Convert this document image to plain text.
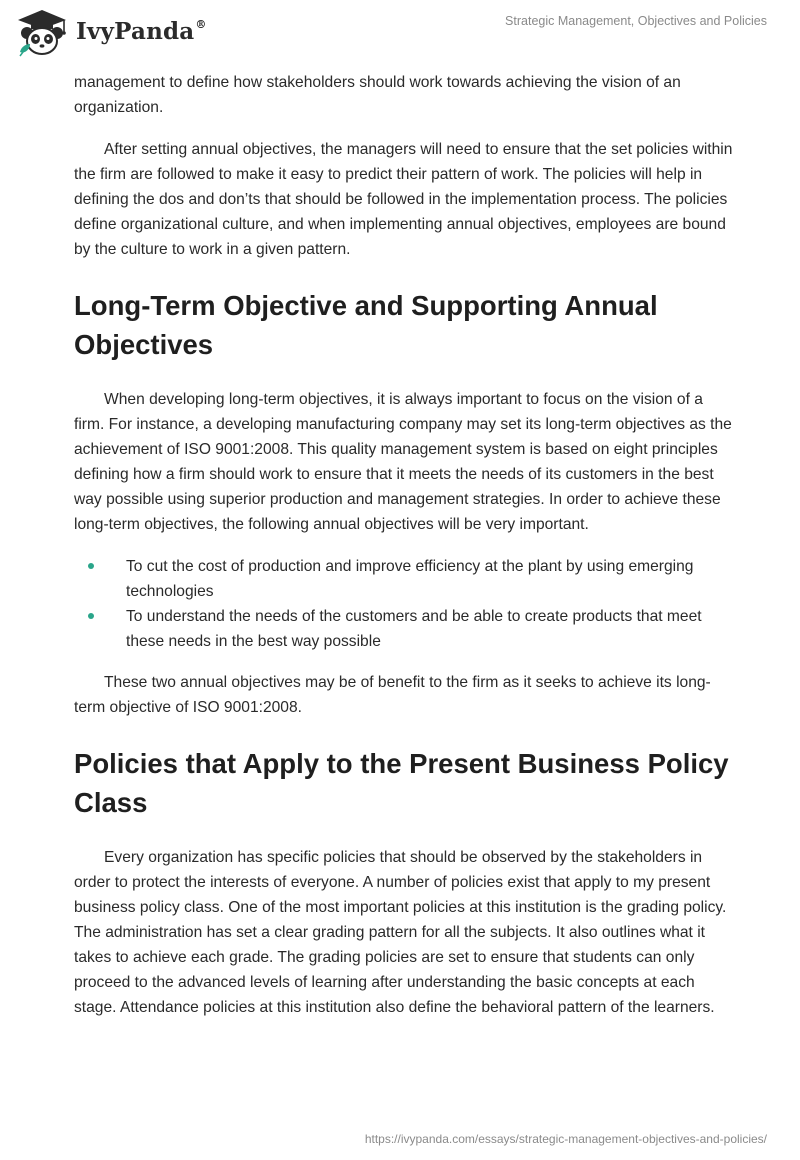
IvyPanda®	Strategic Management, Objectives and Policies

management to define how stakeholders should work towards achieving the vision of an organization.

After setting annual objectives, the managers will need to ensure that the set policies within the firm are followed to make it easy to predict their pattern of work. The policies will help in defining the dos and don’ts that should be followed in the implementation process. The policies define organizational culture, and when implementing annual objectives, employees are bound by the culture to work in a given pattern.

Long-Term Objective and Supporting Annual Objectives

When developing long-term objectives, it is always important to focus on the vision of a firm. For instance, a developing manufacturing company may set its long-term objectives as the achievement of ISO 9001:2008. This quality management system is based on eight principles defining how a firm should work to ensure that it meets the needs of its customers in the best way possible using superior production and management strategies. In order to achieve these long-term objectives, the following annual objectives will be very important.

To cut the cost of production and improve efficiency at the plant by using emerging technologies
To understand the needs of the customers and be able to create products that meet these needs in the best way possible

These two annual objectives may be of benefit to the firm as it seeks to achieve its long-term objective of ISO 9001:2008.

Policies that Apply to the Present Business Policy Class

Every organization has specific policies that should be observed by the stakeholders in order to protect the interests of everyone. A number of policies exist that apply to my present business policy class. One of the most important policies at this institution is the grading policy. The administration has set a clear grading pattern for all the subjects. It also outlines what it takes to achieve each grade. The grading policies are set to ensure that students can only proceed to the advanced levels of learning after understanding the basic concepts at each stage. Attendance policies at this institution also define the behavioral pattern of the learners.

https://ivypanda.com/essays/strategic-management-objectives-and-policies/
